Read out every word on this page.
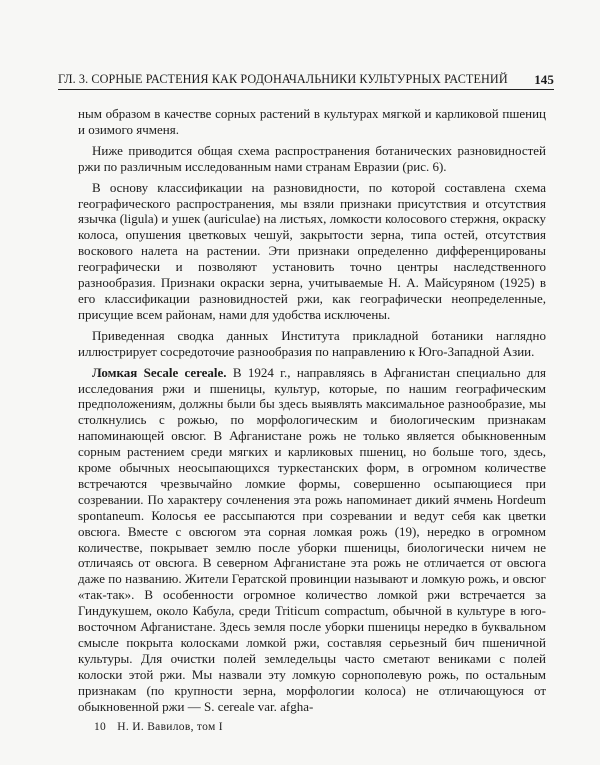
ГЛ. 3. СОРНЫЕ РАСТЕНИЯ КАК РОДОНАЧАЛЬНИКИ КУЛЬТУРНЫХ РАСТЕНИЙ 145

ным образом в качестве сорных растений в культурах мягкой и карликовой пшениц и озимого ячменя.

Ниже приводится общая схема распространения ботанических разновидностей ржи по различным исследованным нами странам Евразии (рис. 6).

В основу классификации на разновидности, по которой составлена схема географического распространения, мы взяли признаки присутствия и отсутствия язычка (ligula) и ушек (auriculae) на листьях, ломкости колосового стержня, окраску колоса, опушения цветковых чешуй, закрытости зерна, типа остей, отсутствия воскового налета на растении. Эти признаки определенно дифференцированы географически и позволяют установить точно центры наследственного разнообразия. Признаки окраски зерна, учитываемые Н. А. Майсуряном (1925) в его классификации разновидностей ржи, как географически неопределенные, присущие всем районам, нами для удобства исключены.

Приведенная сводка данных Института прикладной ботаники наглядно иллюстрирует сосредоточие разнообразия по направлению к Юго-Западной Азии.

Ломкая Secale cereale. В 1924 г., направляясь в Афганистан специально для исследования ржи и пшеницы, культур, которые, по нашим географическим предположениям, должны были бы здесь выявлять максимальное разнообразие, мы столкнулись с рожью, по морфологическим и биологическим признакам напоминающей овсюг. В Афганистане рожь не только является обыкновенным сорным растением среди мягких и карликовых пшениц, но больше того, здесь, кроме обычных неосыпающихся туркестанских форм, в огромном количестве встречаются чрезвычайно ломкие формы, совершенно осыпающиеся при созревании. По характеру сочленения эта рожь напоминает дикий ячмень Hordeum spontaneum. Колосья ее рассыпаются при созревании и ведут себя как цветки овсюга. Вместе с овсюгом эта сорная ломкая рожь (19), нередко в огромном количестве, покрывает землю после уборки пшеницы, биологически ничем не отличаясь от овсюга. В северном Афганистане эта рожь не отличается от овсюга даже по названию. Жители Гератской провинции называют и ломкую рожь, и овсюг «так-так». В особенности огромное количество ломкой ржи встречается за Гиндукушем, около Кабула, среди Triticum compactum, обычной в культуре в юго-восточном Афганистане. Здесь земля после уборки пшеницы нередко в буквальном смысле покрыта колосками ломкой ржи, составляя серьезный бич пшеничной культуры. Для очистки полей земледельцы часто сметают вениками с полей колоски этой ржи. Мы назвали эту ломкую сорнополевую рожь, по остальным признакам (по крупности зерна, морфологии колоса) не отличающуюся от обыкновенной ржи — S. cereale var. afgha-

10 Н. И. Вавилов, том I
